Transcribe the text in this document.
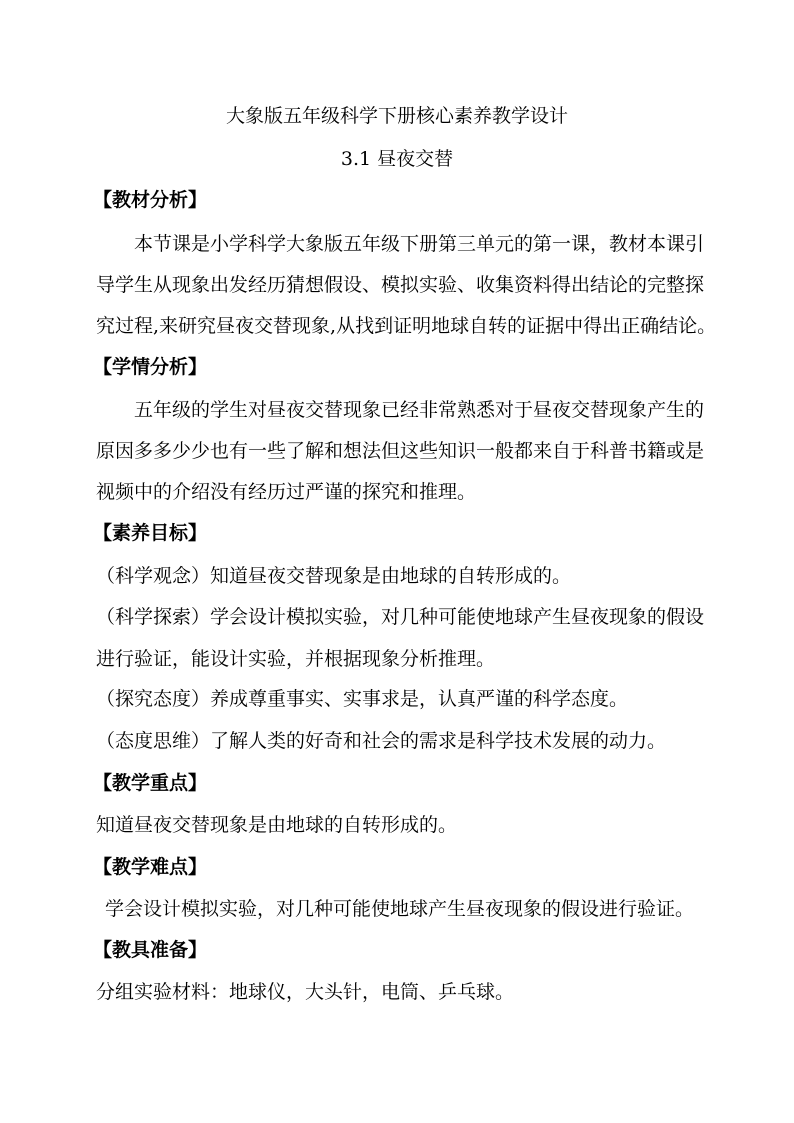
大象版五年级科学下册核心素养教学设计
3.1 昼夜交替
【教材分析】
本节课是小学科学大象版五年级下册第三单元的第一课，教材本课引
导学生从现象出发经历猜想假设、模拟实验、收集资料得出结论的完整探
究过程,来研究昼夜交替现象,从找到证明地球自转的证据中得出正确结论。
【学情分析】
五年级的学生对昼夜交替现象已经非常熟悉对于昼夜交替现象产生的
原因多多少少也有一些了解和想法但这些知识一般都来自于科普书籍或是
视频中的介绍没有经历过严谨的探究和推理。
【素养目标】
（科学观念）知道昼夜交替现象是由地球的自转形成的。
（科学探索）学会设计模拟实验，对几种可能使地球产生昼夜现象的假设
进行验证，能设计实验，并根据现象分析推理。
（探究态度）养成尊重事实、实事求是，认真严谨的科学态度。
（态度思维）了解人类的好奇和社会的需求是科学技术发展的动力。
【教学重点】
知道昼夜交替现象是由地球的自转形成的。
【教学难点】
学会设计模拟实验，对几种可能使地球产生昼夜现象的假设进行验证。
【教具准备】
分组实验材料：地球仪，大头针，电筒、乒乓球。
